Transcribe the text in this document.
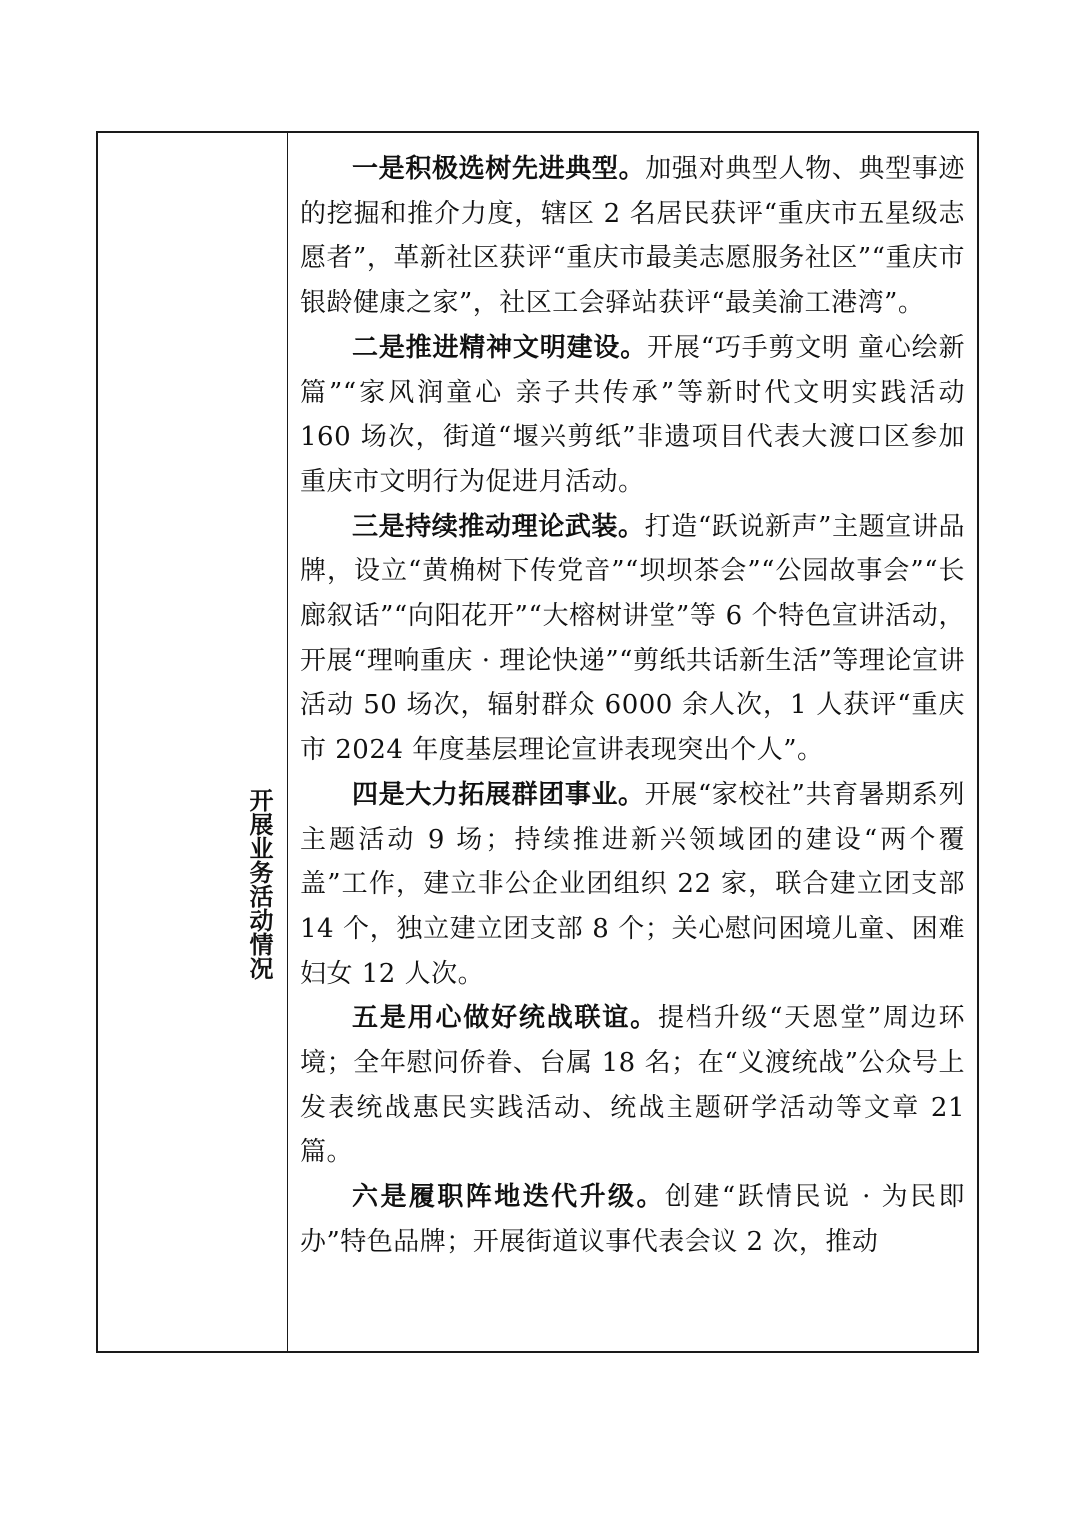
开展业务活动情况

一是积极选树先进典型。加强对典型人物、典型事迹的挖掘和推介力度，辖区 2 名居民获评“重庆市五星级志愿者”，革新社区获评“重庆市最美志愿服务社区”“重庆市银龄健康之家”，社区工会驿站获评“最美渝工港湾”。

二是推进精神文明建设。开展“巧手剪文明 童心绘新篇”“家风润童心 亲子共传承”等新时代文明实践活动 160 场次，街道“堰兴剪纸”非遗项目代表大渡口区参加重庆市文明行为促进月活动。

三是持续推动理论武装。打造“跃说新声”主题宣讲品牌，设立“黄桷树下传党音”“坝坝茶会”“公园故事会”“长廊叙话”“向阳花开”“大榕树讲堂”等 6 个特色宣讲活动，开展“理响重庆 · 理论快递”“剪纸共话新生活”等理论宣讲活动 50 场次，辐射群众 6000 余人次，1 人获评“重庆市 2024 年度基层理论宣讲表现突出个人”。

四是大力拓展群团事业。开展“家校社”共育暑期系列主题活动 9 场；持续推进新兴领域团的建设“两个覆盖”工作，建立非公企业团组织 22 家，联合建立团支部 14 个，独立建立团支部 8 个；关心慰问困境儿童、困难妇女 12 人次。

五是用心做好统战联谊。提档升级“天恩堂”周边环境；全年慰问侨眷、台属 18 名；在“义渡统战”公众号上发表统战惠民实践活动、统战主题研学活动等文章 21 篇。

六是履职阵地迭代升级。创建“跃情民说 · 为民即办”特色品牌；开展街道议事代表会议 2 次，推动
